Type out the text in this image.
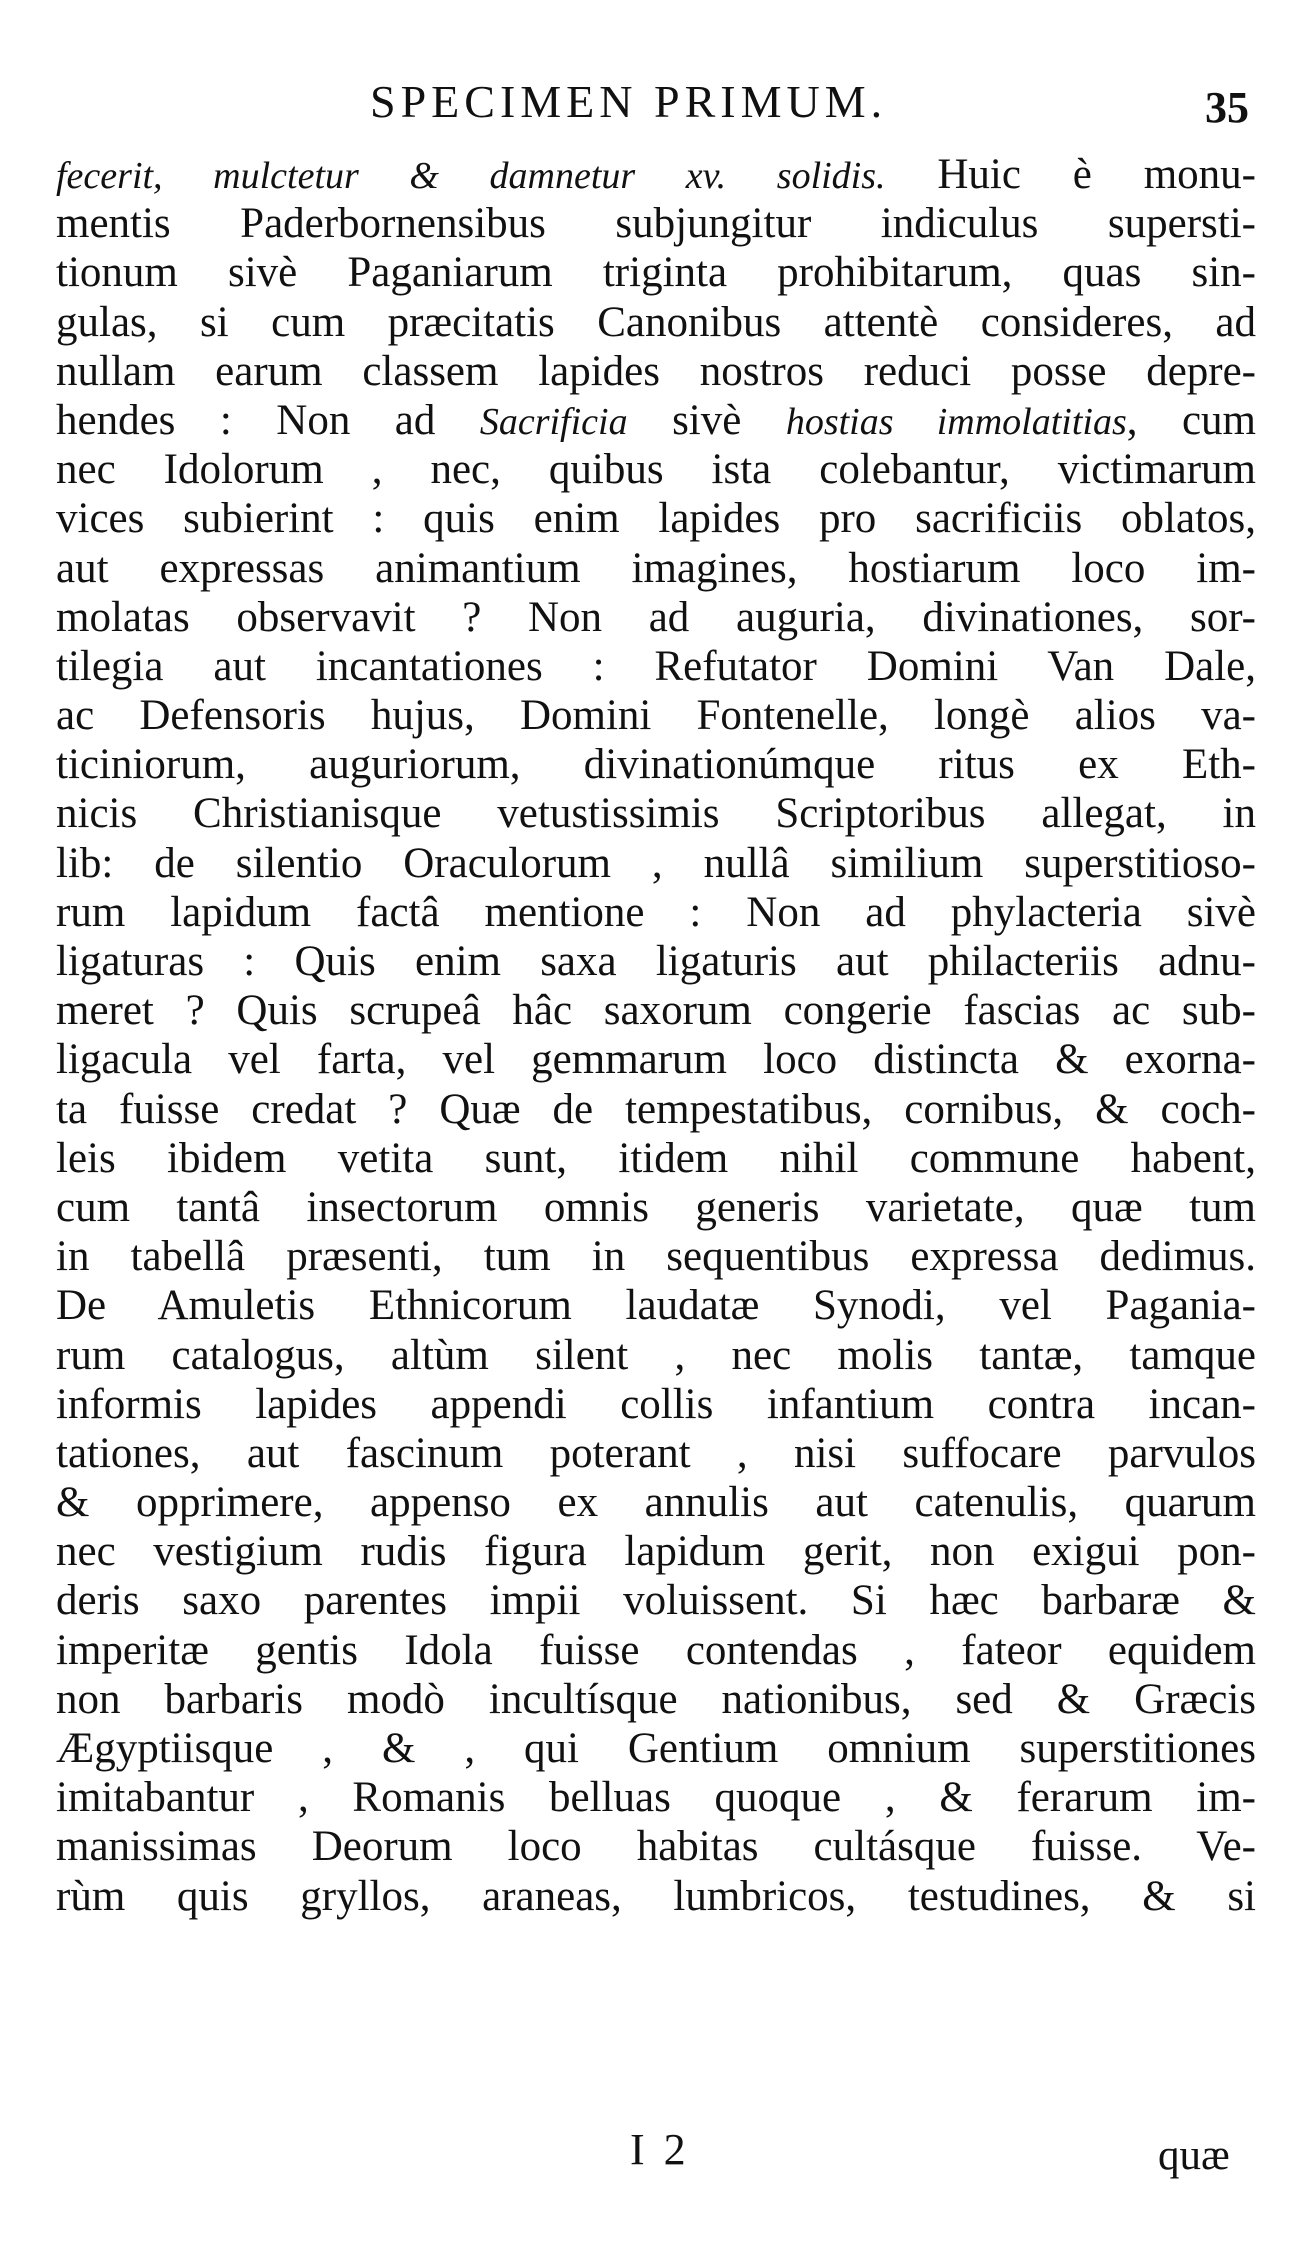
SPECIMEN PRIMUM.	35
fecerit, mulctetur & damnetur xv. solidis. Huic è monu-
mentis Paderbornensibus subjungitur indiculus supersti-
tionum sivè Paganiarum triginta prohibitarum, quas sin-
gulas, si cum præcitatis Canonibus attentè consideres, ad
nullam earum classem lapides nostros reduci posse depre-
hendes : Non ad Sacrificia sivè hostias immolatitias, cum
nec Idolorum , nec, quibus ista colebantur, victimarum
vices subierint : quis enim lapides pro sacrificiis oblatos,
aut expressas animantium imagines, hostiarum loco im-
molatas observavit ? Non ad auguria, divinationes, sor-
tilegia aut incantationes : Refutator Domini Van Dale,
ac Defensoris hujus, Domini Fontenelle, longè alios va-
ticiniorum, auguriorum, divinationúmque ritus ex Eth-
nicis Christianisque vetustissimis Scriptoribus allegat, in
lib: de silentio Oraculorum , nullâ similium superstitioso-
rum lapidum factâ mentione : Non ad phylacteria sivè
ligaturas : Quis enim saxa ligaturis aut philacteriis adnu-
meret ? Quis scrupeâ hâc saxorum congerie fascias ac sub-
ligacula vel farta, vel gemmarum loco distincta & exorna-
ta fuisse credat ? Quæ de tempestatibus, cornibus, & coch-
leis ibidem vetita sunt, itidem nihil commune habent,
cum tantâ insectorum omnis generis varietate, quæ tum
in tabellâ præsenti, tum in sequentibus expressa dedimus.
De Amuletis Ethnicorum laudatæ Synodi, vel Pagania-
rum catalogus, altùm silent , nec molis tantæ, tamque
informis lapides appendi collis infantium contra incan-
tationes, aut fascinum poterant , nisi suffocare parvulos
& opprimere, appenso ex annulis aut catenulis, quarum
nec vestigium rudis figura lapidum gerit, non exigui pon-
deris saxo parentes impii voluissent. Si hæc barbaræ &
imperitæ gentis Idola fuisse contendas , fateor equidem
non barbaris modò incultísque nationibus, sed & Græcis
Ægyptiisque , & , qui Gentium omnium superstitiones
imitabantur , Romanis belluas quoque , & ferarum im-
manissimas Deorum loco habitas cultásque fuisse. Ve-
rùm quis gryllos, araneas, lumbricos, testudines, & si
I 2	quæ
